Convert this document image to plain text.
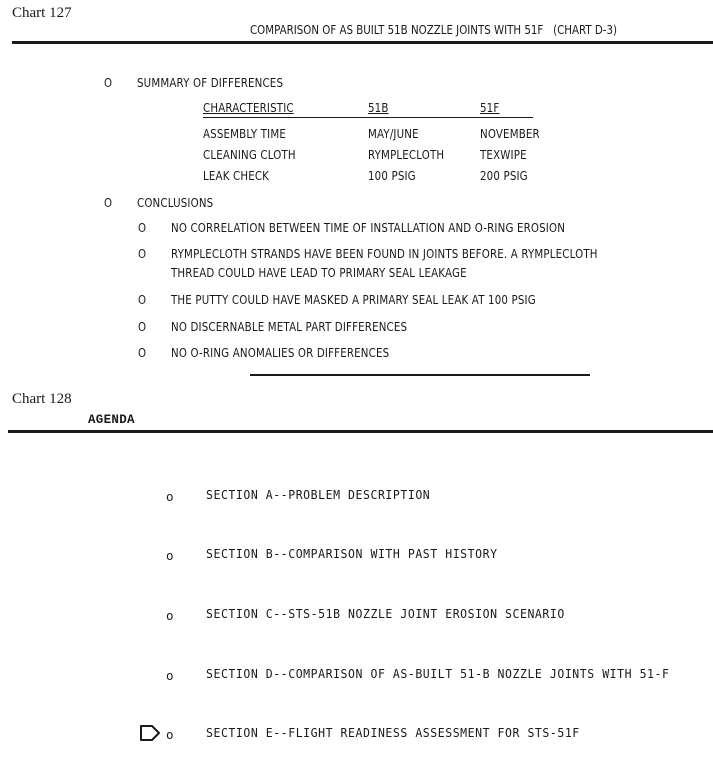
Chart 127
COMPARISON OF AS BUILT 51B NOZZLE JOINTS WITH 51F (CHART D-3)
O SUMMARY OF DIFFERENCES
CHARACTERISTIC	51B	51F
ASSEMBLY TIME	MAY/JUNE	NOVEMBER
CLEANING CLOTH	RYMPLECLOTH	TEXWIPE
LEAK CHECK	100 PSIG	200 PSIG
O CONCLUSIONS
O NO CORRELATION BETWEEN TIME OF INSTALLATION AND O-RING EROSION
O RYMPLECLOTH STRANDS HAVE BEEN FOUND IN JOINTS BEFORE. A RYMPLECLOTH
THREAD COULD HAVE LEAD TO PRIMARY SEAL LEAKAGE
O THE PUTTY COULD HAVE MASKED A PRIMARY SEAL LEAK AT 100 PSIG
O NO DISCERNABLE METAL PART DIFFERENCES
O NO O-RING ANOMALIES OR DIFFERENCES
Chart 128
AGENDA
o	SECTION A--PROBLEM DESCRIPTION
o	SECTION B--COMPARISON WITH PAST HISTORY
o	SECTION C--STS-51B NOZZLE JOINT EROSION SCENARIO
o	SECTION D--COMPARISON OF AS-BUILT 51-B NOZZLE JOINTS WITH 51-F
o	SECTION E--FLIGHT READINESS ASSESSMENT FOR STS-51F
